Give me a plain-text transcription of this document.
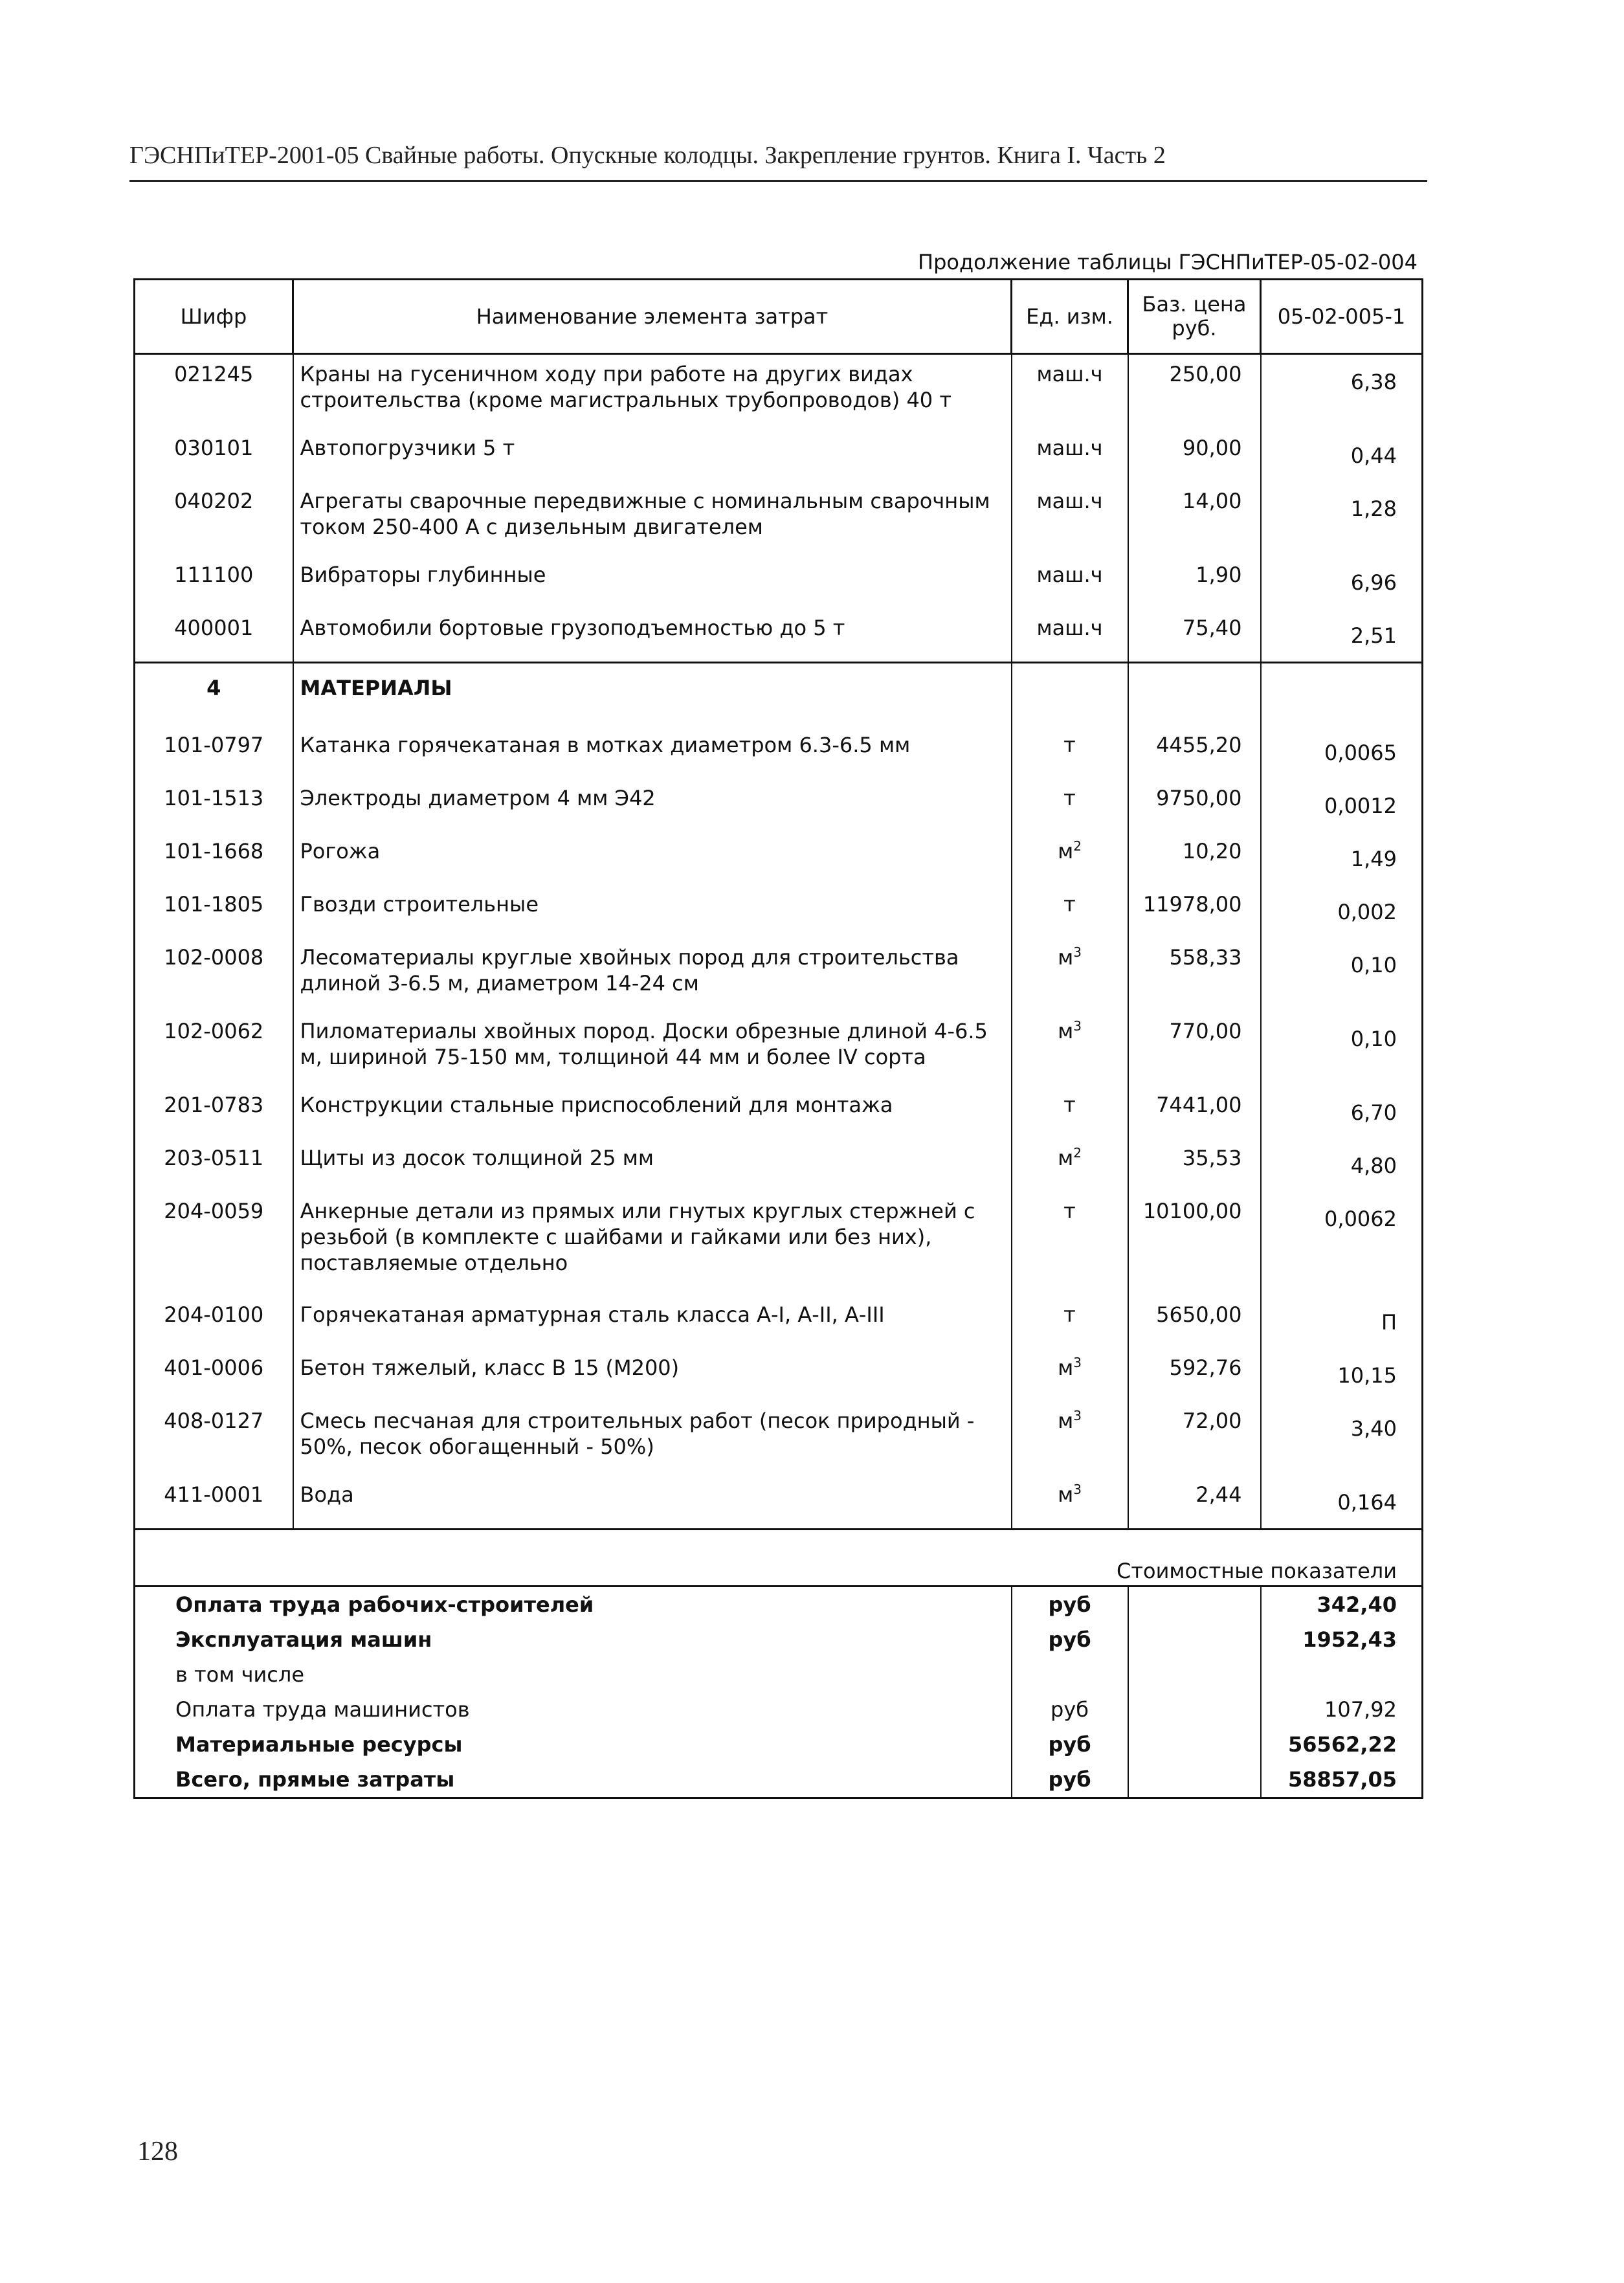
ГЭСНПиТЕР-2001-05 Свайные работы. Опускные колодцы. Закрепление грунтов. Книга I. Часть 2
Продолжение таблицы ГЭСНПиТЕР-05-02-004
Шифр	Наименование элемента затрат	Ед. изм.	Баз. цена руб.	05-02-005-1
021245	Краны на гусеничном ходу при работе на других видах строительства (кроме магистральных трубопроводов) 40 т	маш.ч	250,00	6,38
030101	Автопогрузчики 5 т	маш.ч	90,00	0,44
040202	Агрегаты сварочные передвижные с номинальным сварочным током 250-400 А с дизельным двигателем	маш.ч	14,00	1,28
111100	Вибраторы глубинные	маш.ч	1,90	6,96
400001	Автомобили бортовые грузоподъемностью до 5 т	маш.ч	75,40	2,51
4	МАТЕРИАЛЫ			
101-0797	Катанка горячекатаная в мотках диаметром 6.3-6.5 мм	т	4455,20	0,0065
101-1513	Электроды диаметром 4 мм Э42	т	9750,00	0,0012
101-1668	Рогожа	$м^2$	10,20	1,49
101-1805	Гвозди строительные	т	11978,00	0,002
102-0008	Лесоматериалы круглые хвойных пород для строительства длиной 3-6.5 м, диаметром 14-24 см	$м^3$	558,33	0,10
102-0062	Пиломатериалы хвойных пород. Доски обрезные длиной 4-6.5 м, шириной 75-150 мм, толщиной 44 мм и более IV сорта	$м^3$	770,00	0,10
201-0783	Конструкции стальные приспособлений для монтажа	т	7441,00	6,70
203-0511	Щиты из досок толщиной 25 мм	$м^2$	35,53	4,80
204-0059	Анкерные детали из прямых или гнутых круглых стержней с резьбой (в комплекте с шайбами и гайками или без них), поставляемые отдельно	т	10100,00	0,0062
204-0100	Горячекатаная арматурная сталь класса А-I, А-II, А-III	т	5650,00	П
401-0006	Бетон тяжелый, класс В 15 (М200)	$м^3$	592,76	10,15
408-0127	Смесь песчаная для строительных работ (песок природный - 50%, песок обогащенный - 50%)	$м^3$	72,00	3,40
411-0001	Вода	$м^3$	2,44	0,164
Стоимостные показатели			
Оплата труда рабочих-строителей	руб		342,40
Эксплуатация машин	руб		1952,43
в том числе			
Оплата труда машинистов	руб		107,92
Материальные ресурсы	руб		56562,22
Всего, прямые затраты	руб		58857,05
128
